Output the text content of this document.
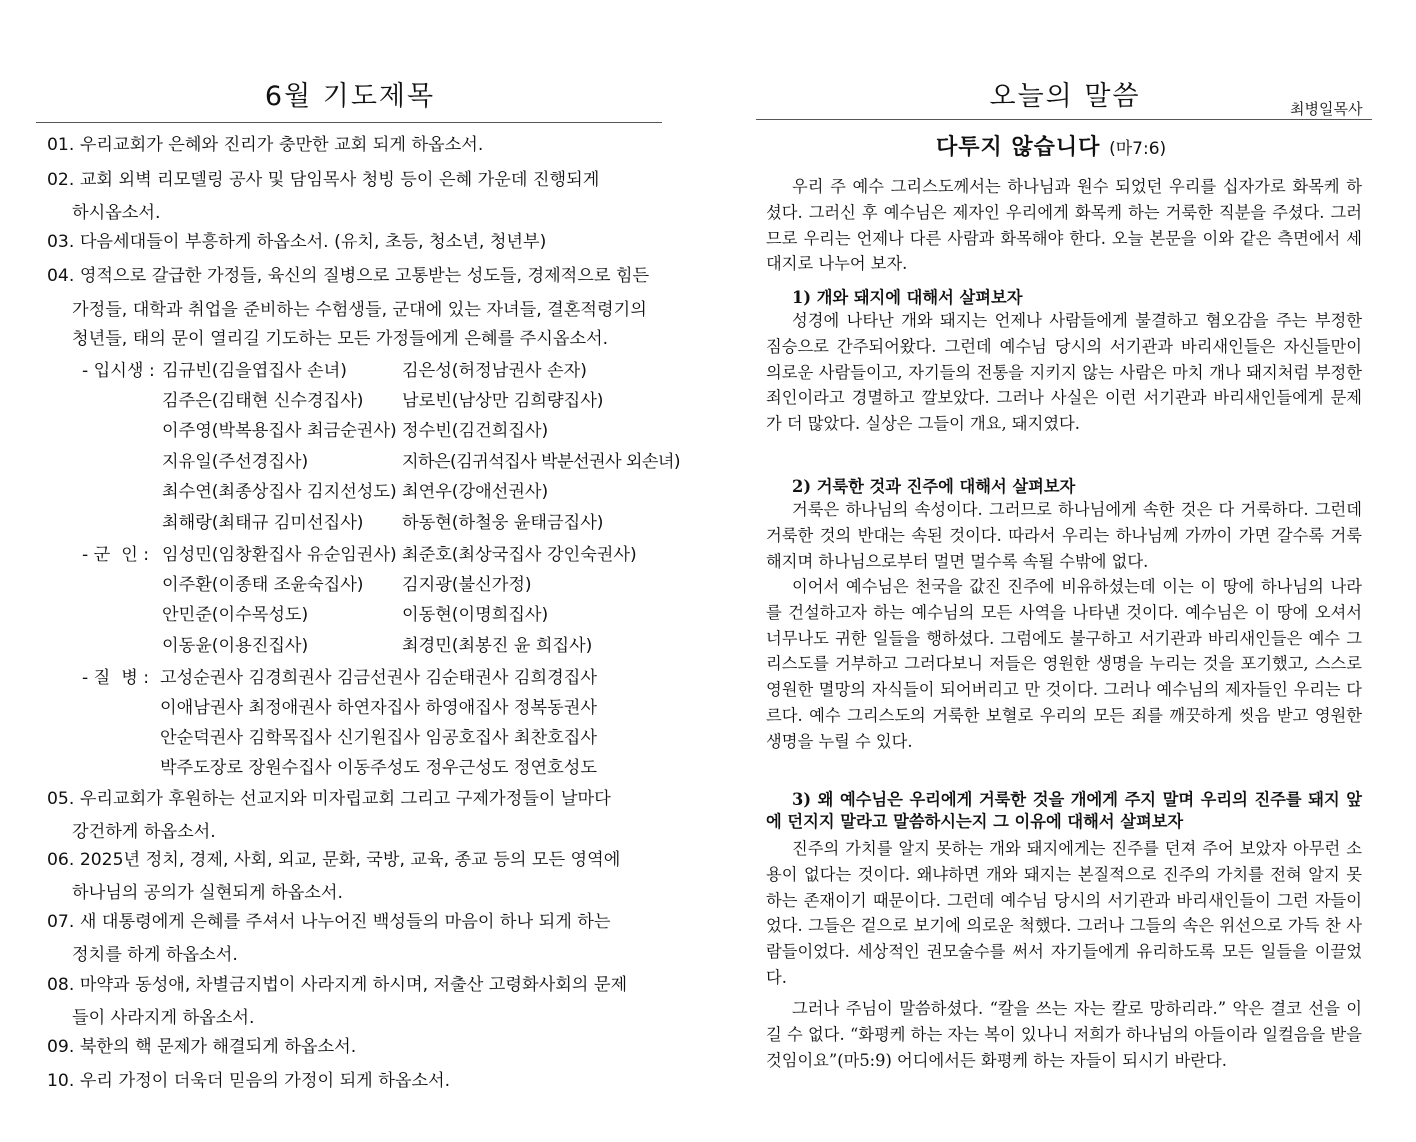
6월 기도제목
01. 우리교회가 은혜와 진리가 충만한 교회 되게 하옵소서.
02. 교회 외벽 리모델링 공사 및 담임목사 청빙 등이 은혜 가운데 진행되게
하시옵소서.
03. 다음세대들이 부흥하게 하옵소서. (유치, 초등, 청소년, 청년부)
04. 영적으로 갈급한 가정들, 육신의 질병으로 고통받는 성도들, 경제적으로 힘든
가정들, 대학과 취업을 준비하는 수험생들, 군대에 있는 자녀들, 결혼적령기의
청년들, 태의 문이 열리길 기도하는 모든 가정들에게 은혜를 주시옵소서.
- 입시생 : 김규빈(김을엽집사 손녀)	김은성(허정남권사 손자)
김주은(김태현 신수경집사) 남로빈(남상만 김희량집사)
이주영(박복용집사 최금순권사) 정수빈(김건희집사)
지유일(주선경집사)	지하은(김귀석집사 박분선권사 외손녀)
최수연(최종상집사 김지선성도) 최연우(강애선권사)
최해랑(최태규 김미선집사) 하동현(하철웅 윤태금집사)
- 군  인 : 임성민(임창환집사 유순임권사) 최준호(최상국집사 강인숙권사)
이주환(이종태 조윤숙집사) 김지광(불신가정)
안민준(이수목성도)	이동현(이명희집사)
이동윤(이용진집사)	최경민(최봉진 윤 희집사)
- 질  병 : 고성순권사 김경희권사 김금선권사 김순태권사 김희경집사
이애남권사 최정애권사 하연자집사 하영애집사 정복동권사
안순덕권사 김학목집사 신기원집사 임공호집사 최찬호집사
박주도장로 장원수집사 이동주성도 정우근성도 정연호성도
05. 우리교회가 후원하는 선교지와 미자립교회 그리고 구제가정들이 날마다
강건하게 하옵소서.
06. 2025년 정치, 경제, 사회, 외교, 문화, 국방, 교육, 종교 등의 모든 영역에
하나님의 공의가 실현되게 하옵소서.
07. 새 대통령에게 은혜를 주셔서 나누어진 백성들의 마음이 하나 되게 하는
정치를 하게 하옵소서.
08. 마약과 동성애, 차별금지법이 사라지게 하시며, 저출산 고령화사회의 문제
들이 사라지게 하옵소서.
09. 북한의 핵 문제가 해결되게 하옵소서.
10. 우리 가정이 더욱더 믿음의 가정이 되게 하옵소서.
오늘의 말씀	최병일목사
다투지 않습니다 (마7:6)
우리 주 예수 그리스도께서는 하나님과 원수 되었던 우리를 십자가로 화목케 하셨다. 그러신 후 예수님은 제자인 우리에게 화목케 하는 거룩한 직분을 주셨다. 그러므로 우리는 언제나 다른 사람과 화목해야 한다. 오늘 본문을 이와 같은 측면에서 세 대지로 나누어 보자.
1) 개와 돼지에 대해서 살펴보자
성경에 나타난 개와 돼지는 언제나 사람들에게 불결하고 혐오감을 주는 부정한 짐승으로 간주되어왔다. 그런데 예수님 당시의 서기관과 바리새인들은 자신들만이 의로운 사람들이고, 자기들의 전통을 지키지 않는 사람은 마치 개나 돼지처럼 부정한 죄인이라고 경멸하고 깔보았다. 그러나 사실은 이런 서기관과 바리새인들에게 문제가 더 많았다. 실상은 그들이 개요, 돼지였다.
2) 거룩한 것과 진주에 대해서 살펴보자
거룩은 하나님의 속성이다. 그러므로 하나님에게 속한 것은 다 거룩하다. 그런데 거룩한 것의 반대는 속된 것이다. 따라서 우리는 하나님께 가까이 가면 갈수록 거룩해지며 하나님으로부터 멀면 멀수록 속될 수밖에 없다.
이어서 예수님은 천국을 값진 진주에 비유하셨는데 이는 이 땅에 하나님의 나라를 건설하고자 하는 예수님의 모든 사역을 나타낸 것이다. 예수님은 이 땅에 오셔서 너무나도 귀한 일들을 행하셨다. 그럼에도 불구하고 서기관과 바리새인들은 예수 그리스도를 거부하고 그러다보니 저들은 영원한 생명을 누리는 것을 포기했고, 스스로 영원한 멸망의 자식들이 되어버리고 만 것이다. 그러나 예수님의 제자들인 우리는 다르다. 예수 그리스도의 거룩한 보혈로 우리의 모든 죄를 깨끗하게 씻음 받고 영원한 생명을 누릴 수 있다.
3) 왜 예수님은 우리에게 거룩한 것을 개에게 주지 말며 우리의 진주를 돼지 앞에 던지지 말라고 말씀하시는지 그 이유에 대해서 살펴보자
진주의 가치를 알지 못하는 개와 돼지에게는 진주를 던져 주어 보았자 아무런 소용이 없다는 것이다. 왜냐하면 개와 돼지는 본질적으로 진주의 가치를 전혀 알지 못하는 존재이기 때문이다. 그런데 예수님 당시의 서기관과 바리새인들이 그런 자들이었다. 그들은 겉으로 보기에 의로운 척했다. 그러나 그들의 속은 위선으로 가득 찬 사람들이었다. 세상적인 권모술수를 써서 자기들에게 유리하도록 모든 일들을 이끌었다.
그러나 주님이 말씀하셨다. “칼을 쓰는 자는 칼로 망하리라.” 악은 결코 선을 이길 수 없다. “화평케 하는 자는 복이 있나니 저희가 하나님의 아들이라 일컬음을 받을 것임이요”(마5:9) 어디에서든 화평케 하는 자들이 되시기 바란다.
